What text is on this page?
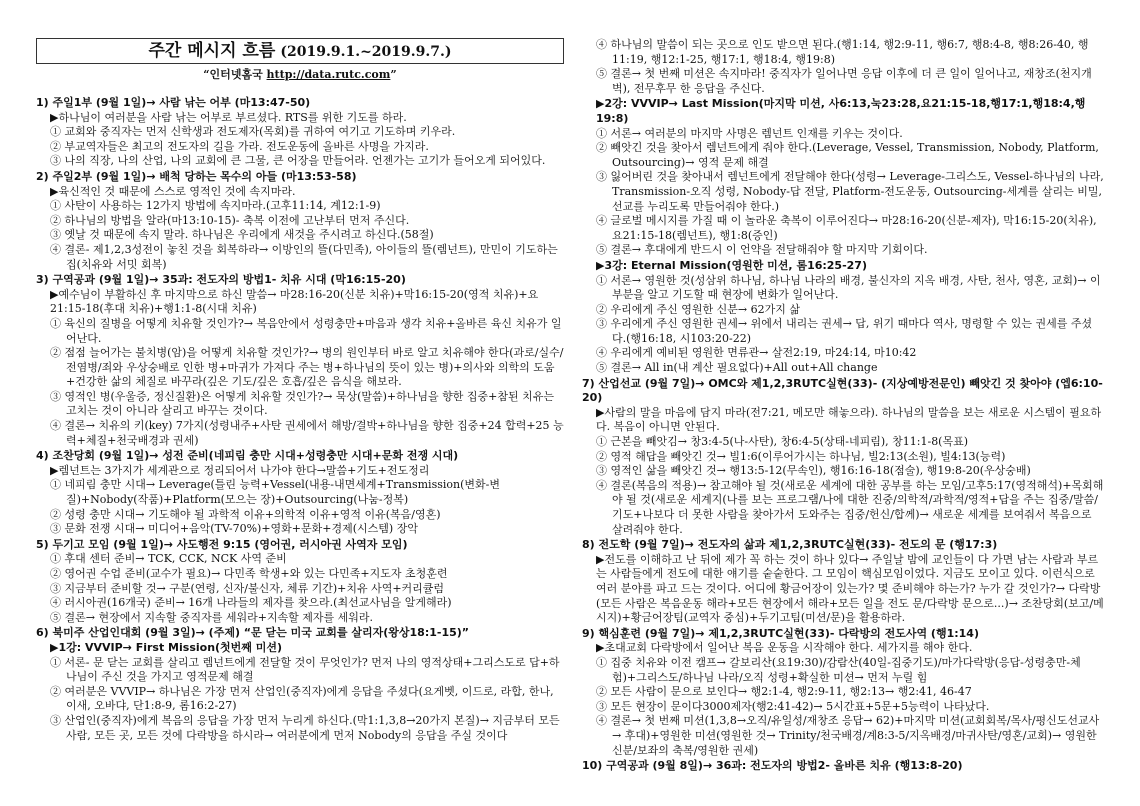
주간 메시지 흐름 (2019.9.1.~2019.9.7.)
“인터넷홈국 http://data.rutc.com”
1) 주일1부 (9월 1일)→ 사람 낚는 어부 (마13:47-50)
▶하나님이 여러분을 사람 낚는 어부로 부르셨다. RTS를 위한 기도를 하라.
① 교회와 중직자는 먼저 신학생과 전도제자(목회)를 귀하여 여기고 기도하며 키우라.
② 부교역자들은 최고의 전도자의 길을 가라. 전도운동에 올바른 사명을 가지라.
③ 나의 직장, 나의 산업, 나의 교회에 큰 그물, 큰 어장을 만들어라. 언젠가는 고기가 들어오게 되어있다.
2) 주일2부 (9월 1일)→ 배척 당하는 목수의 아들 (마13:53-58)
▶육신적인 것 때문에 스스로 영적인 것에 속지마라.
① 사탄이 사용하는 12가지 방법에 속지마라.(고후11:14, 계12:1-9)
② 하나님의 방법을 알라(마13:10-15)- 축복 이전에 고난부터 먼저 주신다.
③ 옛날 것 때문에 속지 말라. 하나님은 우리에게 새것을 주시려고 하신다.(58절)
④ 결론- 제1,2,3성전이 놓친 것을 회복하라→ 이방인의 뜰(다민족), 아이들의 뜰(렘넌트), 만민이 기도하는 집(치유와 서밋 회복)
3) 구역공과 (9월 1일)→ 35과: 전도자의 방법1- 치유 시대 (막16:15-20)
▶예수님이 부활하신 후 마지막으로 하신 말씀→ 마28:16-20(신분 치유)+막16:15-20(영적 치유)+요21:15-18(후대 치유)+행1:1-8(시대 치유)
① 육신의 질병을 어떻게 치유할 것인가?→ 복음안에서 성령충만+마음과 생각 치유+올바른 육신 치유가 일어난다.
② 점점 늘어가는 불치병(암)을 어떻게 치유할 것인가?→ 병의 원인부터 바로 알고 치유해야 한다(과로/실수/전염병/죄와 우상숭배로 인한 병+마귀가 가져다 주는 병+하나님의 뜻이 있는 병)+의사와 의학의 도움+건강한 삶의 체질로 바꾸라(깊은 기도/깊은 호흡/깊은 음식을 해보라.
③ 영적인 병(우울증, 정신질환)은 어떻게 치유할 것인가?→ 묵상(말씀)+하나님을 향한 집중+참된 치유는 고치는 것이 아니라 살리고 바꾸는 것이다.
④ 결론→ 치유의 키(key) 7가지(성령내주+사탄 권세에서 해방/결박+하나님을 향한 집중+24 합력+25 능력+체질+천국배경과 권세)
4) 조찬당회 (9월 1일)→ 성전 준비(네피림 충만 시대+성령충만 시대+문화 전쟁 시대)
▶렘넌트는 3가지가 세계관으로 정리되어서 나가야 한다→말씀+기도+전도정리
① 네피림 충만 시대→ Leverage(틀린 능력+Vessel(내용-내면세계+Transmission(변화-변질)+Nobody(작품)+Platform(모으는 장)+Outsourcing(나눔-정복)
② 성령 충만 시대→ 기도해야 될 과학적 이유+의학적 이유+영적 이유(복음/영혼)
③ 문화 전쟁 시대→ 미디어+음악(TV-70%)+영화+문화+경제(시스템) 장악
5) 두기고 모임 (9월 1일)→ 사도행전 9:15 (영어권, 러시아권 사역자 모임)
① 후대 센터 준비→ TCK, CCK, NCK 사역 준비
② 영어권 수업 준비(교수가 필요)→ 다민족 학생+와 있는 다민족+지도자 초청훈련
③ 지금부터 준비할 것→ 구분(연령, 신자/불신자, 체류 기간)+치유 사역+커리큘럼
④ 러시아권(16개국) 준비→ 16개 나라들의 제자를 찾으라.(최선교사님을 알게해라)
⑤ 결론→ 현장에서 지속할 중직자를 세워라+지속할 제자를 세워라.
6) 북미주 산업인대회 (9월 3일)→ (주제) “문 닫는 미국 교회를 살리자(왕상18:1-15)”
▶1강: VVVIP→ First Mission(첫번째 미션)
① 서론- 문 닫는 교회를 살리고 렘넌트에게 전달할 것이 무엇인가? 먼저 나의 영적상태+그리스도로 답+하나님이 주신 것을 가지고 영적문제 해결
② 여러분은 VVVIP→ 하나님은 가장 먼저 산업인(중직자)에게 응답을 주셨다(요게벳, 이드로, 라합, 한나, 이새, 오바댜, 단1:8-9, 롬16:2-27)
③ 산업인(중직자)에게 복음의 응답을 가장 먼저 누리게 하신다.(막1:1,3,8→20가지 본질)→ 지금부터 모든 사람, 모든 곳, 모든 것에 다락방을 하시라→ 여러분에게 먼저 Nobody의 응답을 주실 것이다
④ 하나님의 말씀이 되는 곳으로 인도 받으면 된다.(행1:14, 행2:9-11, 행6:7, 행8:4-8, 행8:26-40, 행11:19, 행12:1-25, 행17:1, 행18:4, 행19:8)
⑤ 결론→ 첫 번째 미션은 속지마라! 중직자가 일어나면 응답 이후에 더 큰 일이 일어나고, 재창조(천지개벽), 전무후무 한 응답을 주신다.
▶2강: VVVIP→ Last Mission(마지막 미션, 사6:13,눅23:28,요21:15-18,행17:1,행18:4,행19:8)
① 서론→ 여러분의 마지막 사명은 렘넌트 인재를 키우는 것이다.
② 빼앗긴 것을 찾아서 렘넌트에게 줘야 한다.(Leverage, Vessel, Transmission, Nobody, Platform, Outsourcing)→ 영적 문제 해결
③ 잃어버린 것을 찾아내서 렘넌트에게 전달해야 한다(성령→ Leverage-그리스도, Vessel-하나님의 나라, Transmission-오직 성령, Nobody-답 전달, Platform-전도운동, Outsourcing-세계를 살리는 비밀, 선교를 누리도록 만들어줘야 한다.)
④ 글로벌 메시지를 가질 때 이 놀라운 축복이 이루어진다→ 마28:16-20(신분-제자), 막16:15-20(치유), 요21:15-18(렘넌트), 행1:8(증인)
⑤ 결론→ 후대에게 반드시 이 언약을 전달해줘야 할 마지막 기회이다.
▶3강: Eternal Mission(영원한 미션, 롬16:25-27)
① 서론→ 영원한 것(성삼위 하나님, 하나님 나라의 배경, 불신자의 지옥 배경, 사탄, 천사, 영혼, 교회)→ 이 부분을 알고 기도할 때 현장에 변화가 일어난다.
② 우리에게 주신 영원한 신분→ 62가지 삶
③ 우리에게 주신 영원한 권세→ 위에서 내리는 권세→ 답, 위기 때마다 역사, 명령할 수 있는 권세를 주셨다.(행16:18, 시103:20-22)
④ 우리에게 예비된 영원한 면류관→ 살전2:19, 마24:14, 마10:42
⑤ 결론→ All in(내 계산 필요없다)+All out+All change
7) 산업선교 (9월 7일)→ OMC와 제1,2,3RUTC실현(33)- (지상예방전문인) 빼앗긴 것 찾아야 (엡6:10-20)
▶사람의 말을 마음에 담지 마라(전7:21, 메모만 해놓으라). 하나님의 말씀을 보는 새로운 시스템이 필요하다. 복음이 아니면 안된다.
① 근본을 빼앗김→ 창3:4-5(나-사탄), 창6:4-5(상태-네피림), 창11:1-8(목표)
② 영적 해답을 빼앗긴 것→ 빌1:6(이루어가시는 하나님, 빌2:13(소원), 빌4:13(능력)
③ 영적인 삶을 빼앗긴 것→ 행13:5-12(무속인), 행16:16-18(점술), 행19:8-20(우상숭배)
④ 결론(복음의 적용)→ 참고해야 될 것(새로운 세계에 대한 공부를 하는 모임/고후5:17(영적해석)+목회해야 될 것(새로운 세계지(나를 보는 프로그램/나에 대한 진중/의학적/과학적/영적+답을 주는 집중/말씀/기도+나보다 더 못한 사람을 찾아가서 도와주는 집중/헌신/합께)→ 새로운 세계를 보여줘서 복음으로 살려줘야 한다.
8) 전도학 (9월 7일)→ 전도자의 삶과 제1,2,3RUTC실현(33)- 전도의 문 (행17:3)
▶전도를 이해하고 난 뒤에 제가 꼭 하는 것이 하나 있다→ 주일날 밤에 교인들이 다 가면 남는 사람과 부르는 사람들에게 전도에 대한 얘기를 숱숱한다. 그 모임이 핵심모임이었다. 지금도 모이고 있다. 이런식으로 여러 분야를 파고 드는 것이다. 어디에 황금어장이 있는가? 몇 준비해야 하는가? 누가 갈 것인가?→ 다락방(모든 사람은 복음운동 해라+모든 현장에서 해라+모든 일을 전도 문/다락방 문으로...)→ 조찬당회(보고/메시지)+황금어장팀(교역자 중심)+두기고팀(미션/문)을 활용하라.
9) 핵심훈련 (9월 7일)→ 제1,2,3RUTC실현(33)- 다락방의 전도사역 (행1:14)
▶초대교회 다락방에서 일어난 복음 운동을 시작해야 한다. 세가지를 해야 한다.
① 집중 치유와 이전 캠프→ 갈보리산(요19:30)/감람산(40일-집중기도)/마가다락방(응답-성령충만-체험)+그리스도/하나님 나라/오직 성령+확실한 미션→ 먼저 누릴 힘
② 모든 사람이 문으로 보인다→ 행2:1-4, 행2:9-11, 행2:13→ 행2:41, 46-47
③ 모든 현장이 문이다3000제자(행2:41-42)→ 5시간표+5문+5능력이 나타났다.
④ 결론→ 첫 번째 미션(1,3,8→오직/유일성/재창조 응답→ 62)+마지막 미션(교회회복/목사/평신도선교사→ 후대)+영원한 미션(영원한 것→ Trinity/천국배경/계8:3-5/지옥배경/마귀사탄/영혼/교회)→ 영원한 신분/보좌의 축복/영원한 권세)
10) 구역공과 (9월 8일)→ 36과: 전도자의 방법2- 올바른 치유 (행13:8-20)
